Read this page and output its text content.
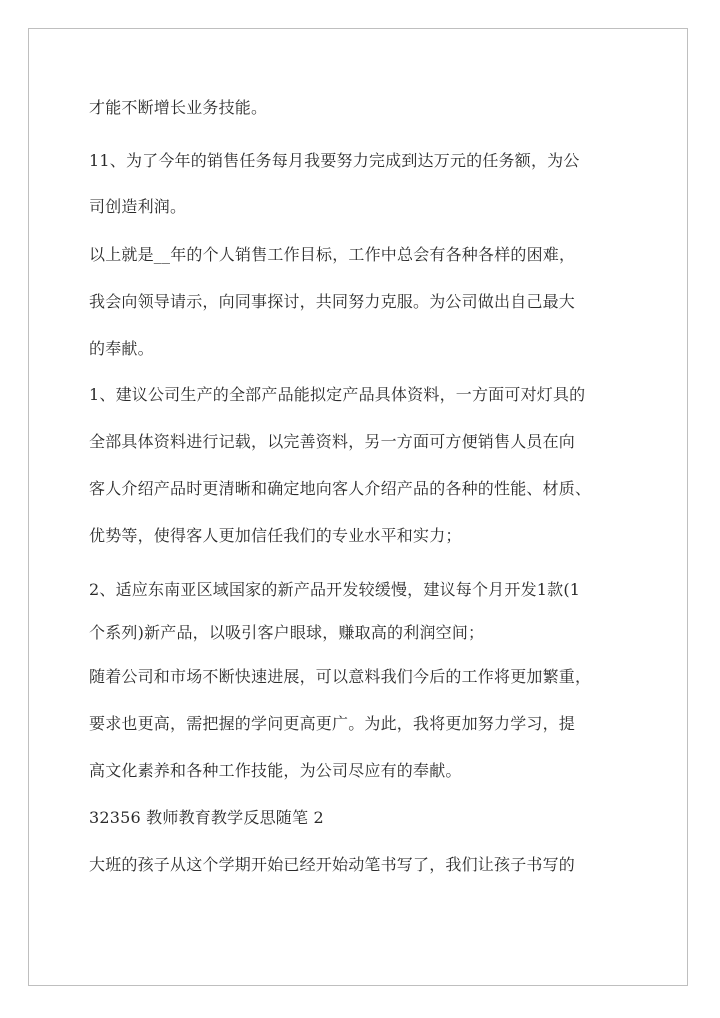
才能不断增长业务技能。
11、为了今年的销售任务每月我要努力完成到达万元的任务额，为公
司创造利润。
以上就是__年的个人销售工作目标，工作中总会有各种各样的困难，
我会向领导请示，向同事探讨，共同努力克服。为公司做出自己最大
的奉献。
1、建议公司生产的全部产品能拟定产品具体资料，一方面可对灯具的
全部具体资料进行记载，以完善资料，另一方面可方便销售人员在向
客人介绍产品时更清晰和确定地向客人介绍产品的各种的性能、材质、
优势等，使得客人更加信任我们的专业水平和实力；
2、适应东南亚区域国家的新产品开发较缓慢，建议每个月开发1款(1
个系列)新产品，以吸引客户眼球，赚取高的利润空间；
随着公司和市场不断快速进展，可以意料我们今后的工作将更加繁重，
要求也更高，需把握的学问更高更广。为此，我将更加努力学习，提
高文化素养和各种工作技能，为公司尽应有的奉献。
32356 教师教育教学反思随笔 2
大班的孩子从这个学期开始已经开始动笔书写了，我们让孩子书写的
